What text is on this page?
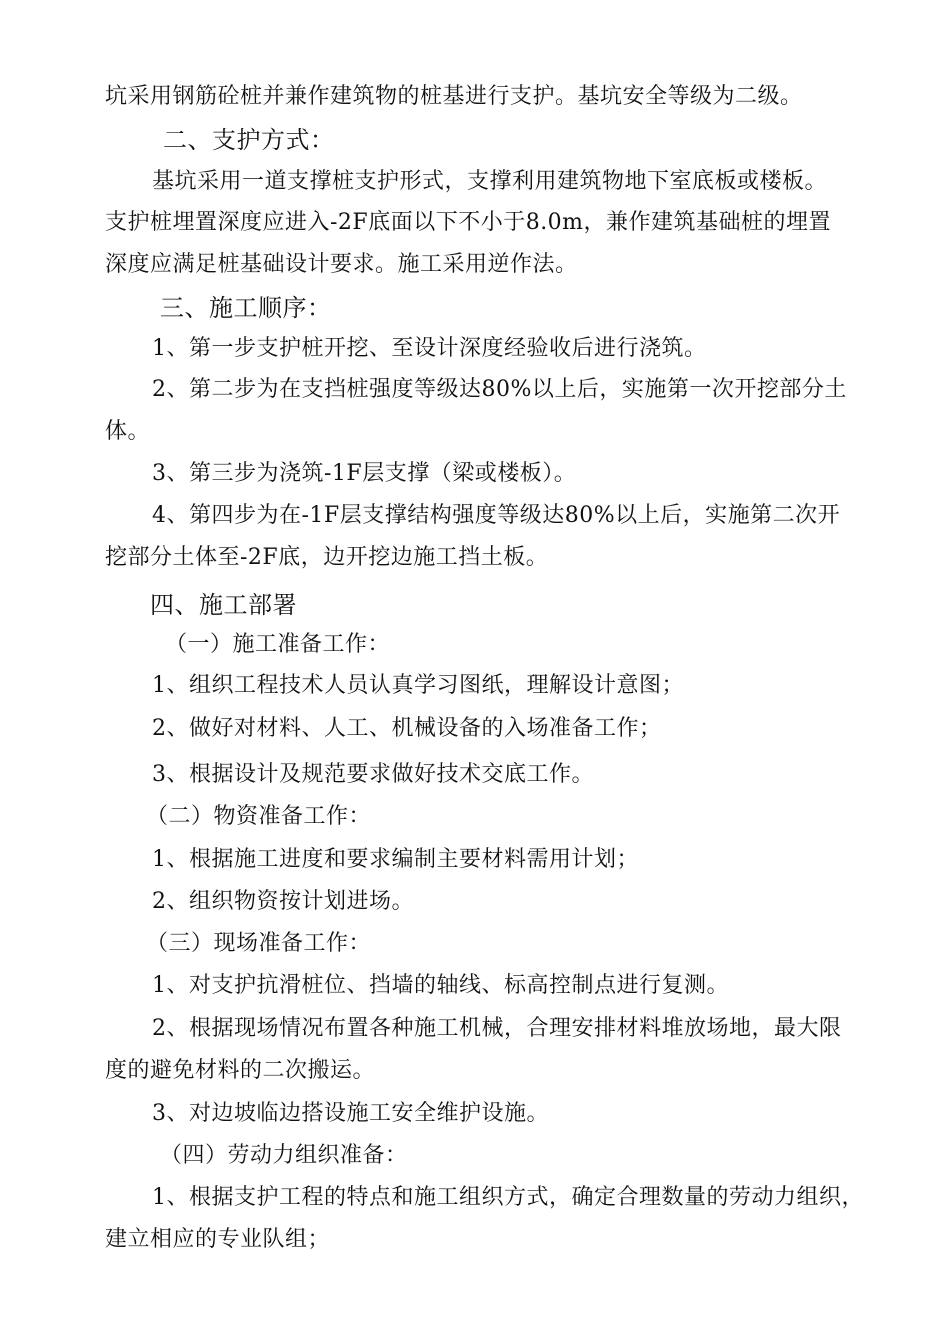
坑采用钢筋砼桩并兼作建筑物的桩基进行支护。基坑安全等级为二级。
二、支护方式：
基坑采用一道支撑桩支护形式，支撑利用建筑物地下室底板或楼板。
支护桩埋置深度应进入-2F底面以下不小于8.0m，兼作建筑基础桩的埋置
深度应满足桩基础设计要求。施工采用逆作法。
三、施工顺序：
1、第一步支护桩开挖、至设计深度经验收后进行浇筑。
2、第二步为在支挡桩强度等级达80%以上后，实施第一次开挖部分土
体。
3、第三步为浇筑-1F层支撑（梁或楼板）。
4、第四步为在-1F层支撑结构强度等级达80%以上后，实施第二次开
挖部分土体至-2F底，边开挖边施工挡土板。
四、施工部署
（一）施工准备工作：
1、组织工程技术人员认真学习图纸，理解设计意图；
2、做好对材料、人工、机械设备的入场准备工作；
3、根据设计及规范要求做好技术交底工作。
（二）物资准备工作：
1、根据施工进度和要求编制主要材料需用计划；
2、组织物资按计划进场。
（三）现场准备工作：
1、对支护抗滑桩位、挡墙的轴线、标高控制点进行复测。
2、根据现场情况布置各种施工机械，合理安排材料堆放场地，最大限
度的避免材料的二次搬运。
3、对边坡临边搭设施工安全维护设施。
（四）劳动力组织准备：
1、根据支护工程的特点和施工组织方式，确定合理数量的劳动力组织，
建立相应的专业队组；
